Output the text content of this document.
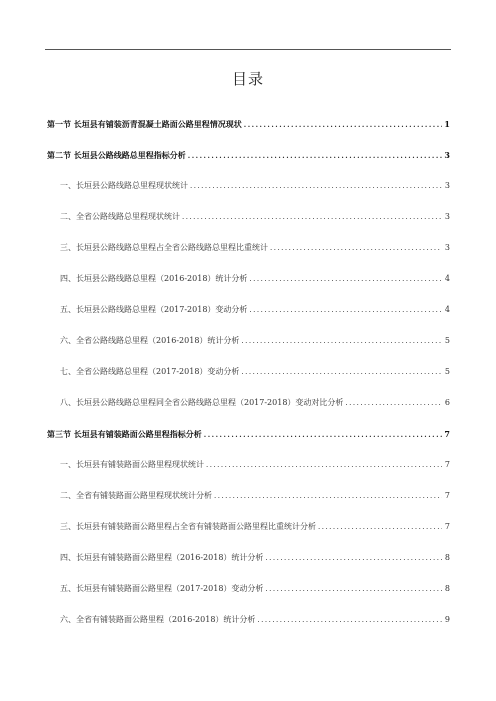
目录
第一节 长垣县有铺装沥青混凝土路面公路里程情况现状 .....	1
第二节 长垣县公路线路总里程指标分析 .....	3
一、长垣县公路线路总里程现状统计 .....	3
二、全省公路线路总里程现状统计 .....	3
三、长垣县公路线路总里程占全省公路线路总里程比重统计 .....	3
四、长垣县公路线路总里程（2016-2018）统计分析 .....	4
五、长垣县公路线路总里程（2017-2018）变动分析 .....	4
六、全省公路线路总里程（2016-2018）统计分析 .....	5
七、全省公路线路总里程（2017-2018）变动分析 .....	5
八、长垣县公路线路总里程同全省公路线路总里程（2017-2018）变动对比分析 .....	6
第三节 长垣县有铺装路面公路里程指标分析 .....	7
一、长垣县有铺装路面公路里程现状统计 .....	7
二、全省有铺装路面公路里程现状统计分析 .....	7
三、长垣县有铺装路面公路里程占全省有铺装路面公路里程比重统计分析 .....	7
四、长垣县有铺装路面公路里程（2016-2018）统计分析 .....	8
五、长垣县有铺装路面公路里程（2017-2018）变动分析 .....	8
六、全省有铺装路面公路里程（2016-2018）统计分析 .....	9
